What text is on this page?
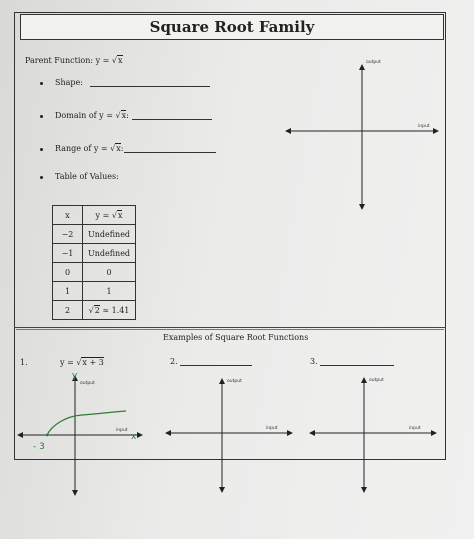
Square Root Family
Parent Function: y = √x
Shape:
Domain of y = √x:
Range of y = √x:
Table of Values:
x	y = √x
−2	Undefined
−1	Undefined
0	0
1	1
2	√2 ≈ 1.41
output
input
Examples of Square Root Functions
1.	y = √x + 3	2.	3.
output
input
y
x
- 3
output
input
output
input
